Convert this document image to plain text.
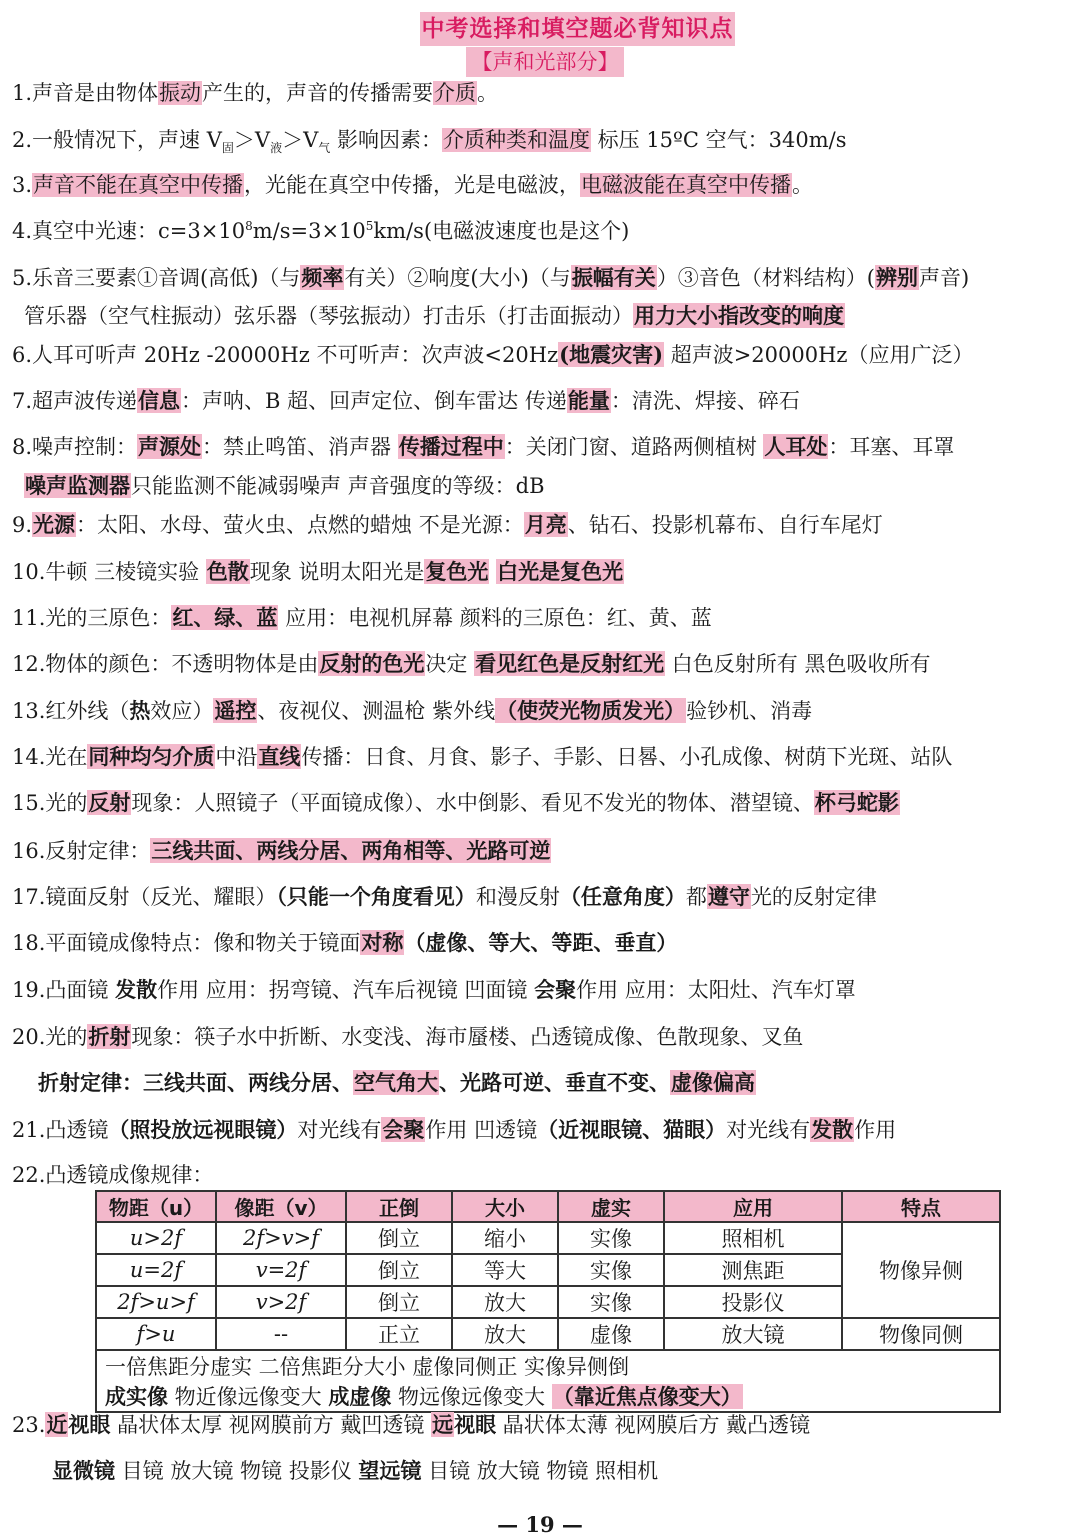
中考选择和填空题必背知识点
【声和光部分】
1.声音是由物体振动产生的，声音的传播需要介质。
2.一般情况下，声速 $V_固>V_液>V_气$ 影响因素：介质种类和温度 标压 15ºC 空气：340m/s
3.声音不能在真空中传播，光能在真空中传播，光是电磁波，电磁波能在真空中传播。
4.真空中光速：$c=3\times 10^8m/s=3\times 10^5km/s$(电磁波速度也是这个)
5.乐音三要素①音调(高低)（与频率有关）②响度(大小)（与振幅有关）③音色（材料结构）(辨别声音)
管乐器（空气柱振动）弦乐器（琴弦振动）打击乐（打击面振动）用力大小指改变的响度
6.人耳可听声 20Hz -20000Hz 不可听声：次声波<20Hz(地震灾害) 超声波>20000Hz（应用广泛）
7.超声波传递信息：声呐、B 超、回声定位、倒车雷达 传递能量：清洗、焊接、碎石
8.噪声控制：声源处：禁止鸣笛、消声器 传播过程中：关闭门窗、道路两侧植树 人耳处：耳塞、耳罩
噪声监测器只能监测不能减弱噪声 声音强度的等级：dB
9.光源：太阳、水母、萤火虫、点燃的蜡烛 不是光源：月亮、钻石、投影机幕布、自行车尾灯
10.牛顿 三棱镜实验 色散现象 说明太阳光是复色光 白光是复色光
11.光的三原色：红、绿、蓝 应用：电视机屏幕 颜料的三原色：红、黄、蓝
12.物体的颜色：不透明物体是由反射的色光决定 看见红色是反射红光 白色反射所有 黑色吸收所有
13.红外线（热效应）遥控、夜视仪、测温枪 紫外线（使荧光物质发光）验钞机、消毒
14.光在同种均匀介质中沿直线传播：日食、月食、影子、手影、日晷、小孔成像、树荫下光斑、站队
15.光的反射现象：人照镜子（平面镜成像）、水中倒影、看见不发光的物体、潜望镜、杯弓蛇影
16.反射定律：三线共面、两线分居、两角相等、光路可逆
17.镜面反射（反光、耀眼）（只能一个角度看见）和漫反射（任意角度）都遵守光的反射定律
18.平面镜成像特点：像和物关于镜面对称（虚像、等大、等距、垂直）
19.凸面镜 发散作用 应用：拐弯镜、汽车后视镜 凹面镜 会聚作用 应用：太阳灶、汽车灯罩
20.光的折射现象：筷子水中折断、水变浅、海市蜃楼、凸透镜成像、色散现象、叉鱼
折射定律：三线共面、两线分居、空气角大、光路可逆、垂直不变、虚像偏高
21.凸透镜（照投放远视眼镜）对光线有会聚作用 凹透镜（近视眼镜、猫眼）对光线有发散作用
22.凸透镜成像规律：
物距（u）	像距（v）	正倒	大小	虚实	应用	特点
u>2f	2f>v>f	倒立	缩小	实像	照相机	物像异侧
u=2f	v=2f	倒立	等大	实像	测焦距	
2f>u>f	v>2f	倒立	放大	实像	投影仪	
f>u	--	正立	放大	虚像	放大镜	物像同侧
一倍焦距分虚实 二倍焦距分大小 虚像同侧正 实像异侧倒						
成实像 物近像远像变大 成虚像 物远像远像变大 （靠近焦点像变大）						
23.近视眼 晶状体太厚 视网膜前方 戴凹透镜 远视眼 晶状体太薄 视网膜后方 戴凸透镜
显微镜 目镜 放大镜 物镜 投影仪 望远镜 目镜 放大镜 物镜 照相机
— 19 —
